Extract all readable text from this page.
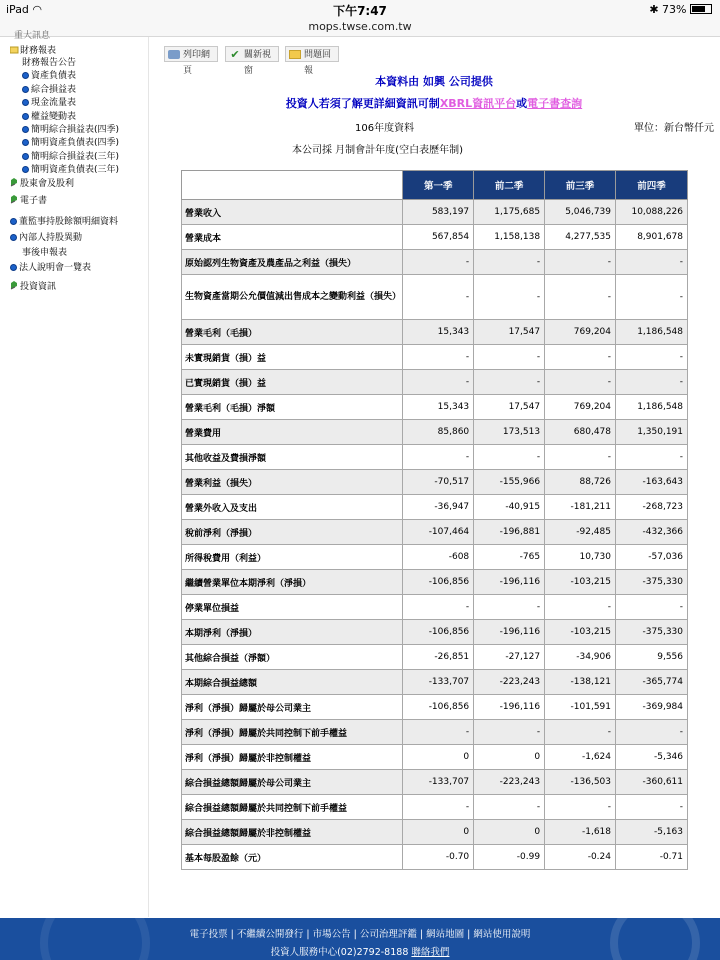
iPad ◠	下午7:47	✱ 73%
mops.twse.com.tw
重大訊息
財務報表
財務報告公告
資產負債表
綜合損益表
現金流量表
權益變動表
簡明綜合損益表(四季)
簡明資產負債表(四季)
簡明綜合損益表(三年)
簡明資產負債表(三年)
股東會及股利
電子書
董監事持股餘額明細資料
內部人持股異動
事後申報表
法人說明會一覽表
投資資訊
列印網頁
✔ 關新視窗
問題回報
本資料由 如興 公司提供
投資人若須了解更詳細資訊可制XBRL資訊平台或電子書查詢
106年度資料	單位：新台幣仟元
本公司採 月制會計年度(空白表歷年制)
	第一季	前二季	前三季	前四季
營業收入	583,197	1,175,685	5,046,739	10,088,226
營業成本	567,854	1,158,138	4,277,535	8,901,678
原始認列生物資產及農產品之利益（損失）	-	-	-	-
生物資產當期公允價值減出售成本之變動利益（損失）	-	-	-	-
營業毛利（毛損）	15,343	17,547	769,204	1,186,548
未實現銷貨（損）益	-	-	-	-
已實現銷貨（損）益	-	-	-	-
營業毛利（毛損）淨額	15,343	17,547	769,204	1,186,548
營業費用	85,860	173,513	680,478	1,350,191
其他收益及費損淨額	-	-	-	-
營業利益（損失）	-70,517	-155,966	88,726	-163,643
營業外收入及支出	-36,947	-40,915	-181,211	-268,723
稅前淨利（淨損）	-107,464	-196,881	-92,485	-432,366
所得稅費用（利益）	-608	-765	10,730	-57,036
繼續營業單位本期淨利（淨損）	-106,856	-196,116	-103,215	-375,330
停業單位損益	-	-	-	-
本期淨利（淨損）	-106,856	-196,116	-103,215	-375,330
其他綜合損益（淨額）	-26,851	-27,127	-34,906	9,556
本期綜合損益總額	-133,707	-223,243	-138,121	-365,774
淨利（淨損）歸屬於母公司業主	-106,856	-196,116	-101,591	-369,984
淨利（淨損）歸屬於共同控制下前手權益	-	-	-	-
淨利（淨損）歸屬於非控制權益	0	0	-1,624	-5,346
綜合損益總額歸屬於母公司業主	-133,707	-223,243	-136,503	-360,611
綜合損益總額歸屬於共同控制下前手權益	-	-	-	-
綜合損益總額歸屬於非控制權益	0	0	-1,618	-5,163
基本每股盈餘（元）	-0.70	-0.99	-0.24	-0.71
電子投票 | 不繼續公開發行 | 市場公告 | 公司治理評鑑 | 網站地圖 | 網站使用說明
投資人服務中心(02)2792-8188 聯絡我們
